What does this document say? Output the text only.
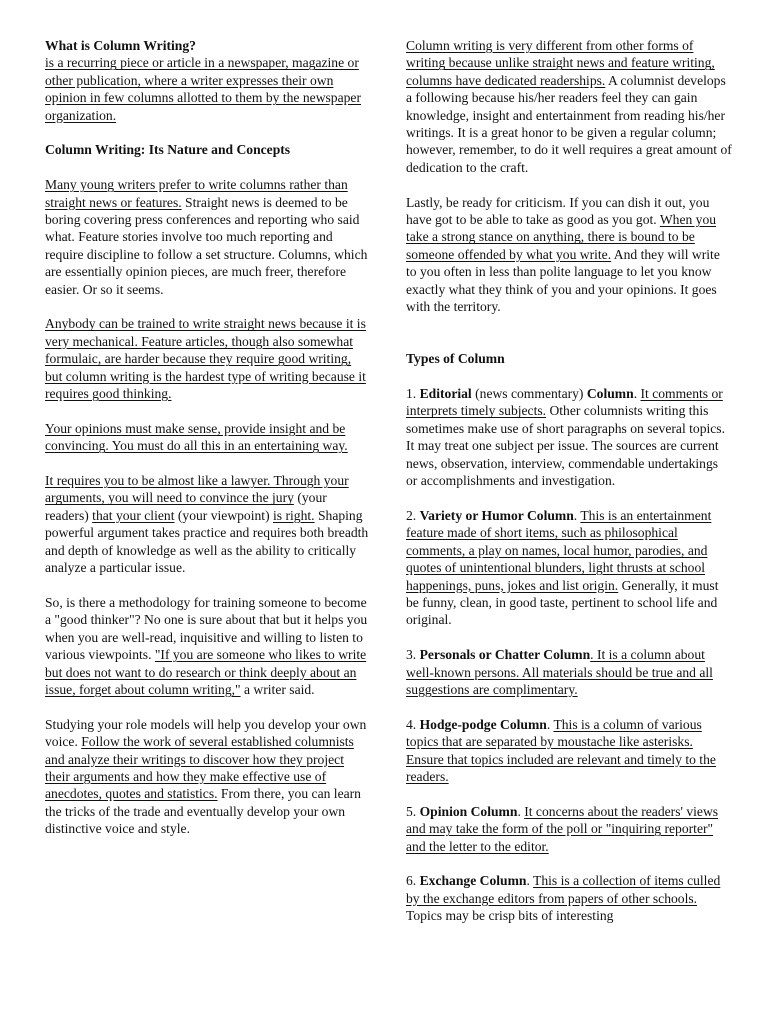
What is Column Writing?
is a recurring piece or article in a newspaper, magazine or other publication, where a writer expresses their own opinion in few columns allotted to them by the newspaper organization.

Column Writing: Its Nature and Concepts

Many young writers prefer to write columns rather than straight news or features. Straight news is deemed to be boring covering press conferences and reporting who said what. Feature stories involve too much reporting and require discipline to follow a set structure. Columns, which are essentially opinion pieces, are much freer, therefore easier. Or so it seems.

Anybody can be trained to write straight news because it is very mechanical. Feature articles, though also somewhat formulaic, are harder because they require good writing, but column writing is the hardest type of writing because it requires good thinking.

Your opinions must make sense, provide insight and be convincing. You must do all this in an entertaining way.

It requires you to be almost like a lawyer. Through your arguments, you will need to convince the jury (your readers) that your client (your viewpoint) is right. Shaping powerful argument takes practice and requires both breadth and depth of knowledge as well as the ability to critically analyze a particular issue.

So, is there a methodology for training someone to become a "good thinker"? No one is sure about that but it helps you when you are well-read, inquisitive and willing to listen to various viewpoints. "If you are someone who likes to write but does not want to do research or think deeply about an issue, forget about column writing," a writer said.

Studying your role models will help you develop your own voice. Follow the work of several established columnists and analyze their writings to discover how they project their arguments and how they make effective use of anecdotes, quotes and statistics. From there, you can learn the tricks of the trade and eventually develop your own distinctive voice and style.

Column writing is very different from other forms of writing because unlike straight news and feature writing, columns have dedicated readerships. A columnist develops a following because his/her readers feel they can gain knowledge, insight and entertainment from reading his/her writings. It is a great honor to be given a regular column; however, remember, to do it well requires a great amount of dedication to the craft.

Lastly, be ready for criticism. If you can dish it out, you have got to be able to take as good as you got. When you take a strong stance on anything, there is bound to be someone offended by what you write. And they will write to you often in less than polite language to let you know exactly what they think of you and your opinions. It goes with the territory.

Types of Column

1. Editorial (news commentary) Column. It comments or interprets timely subjects. Other columnists writing this sometimes make use of short paragraphs on several topics. It may treat one subject per issue. The sources are current news, observation, interview, commendable undertakings or accomplishments and investigation.

2. Variety or Humor Column. This is an entertainment feature made of short items, such as philosophical comments, a play on names, local humor, parodies, and quotes of unintentional blunders, light thrusts at school happenings, puns, jokes and list origin. Generally, it must be funny, clean, in good taste, pertinent to school life and original.

3. Personals or Chatter Column. It is a column about well-known persons. All materials should be true and all suggestions are complimentary.

4. Hodge-podge Column. This is a column of various topics that are separated by moustache like asterisks. Ensure that topics included are relevant and timely to the readers.

5. Opinion Column. It concerns about the readers' views and may take the form of the poll or "inquiring reporter" and the letter to the editor.

6. Exchange Column. This is a collection of items culled by the exchange editors from papers of other schools. Topics may be crisp bits of interesting
